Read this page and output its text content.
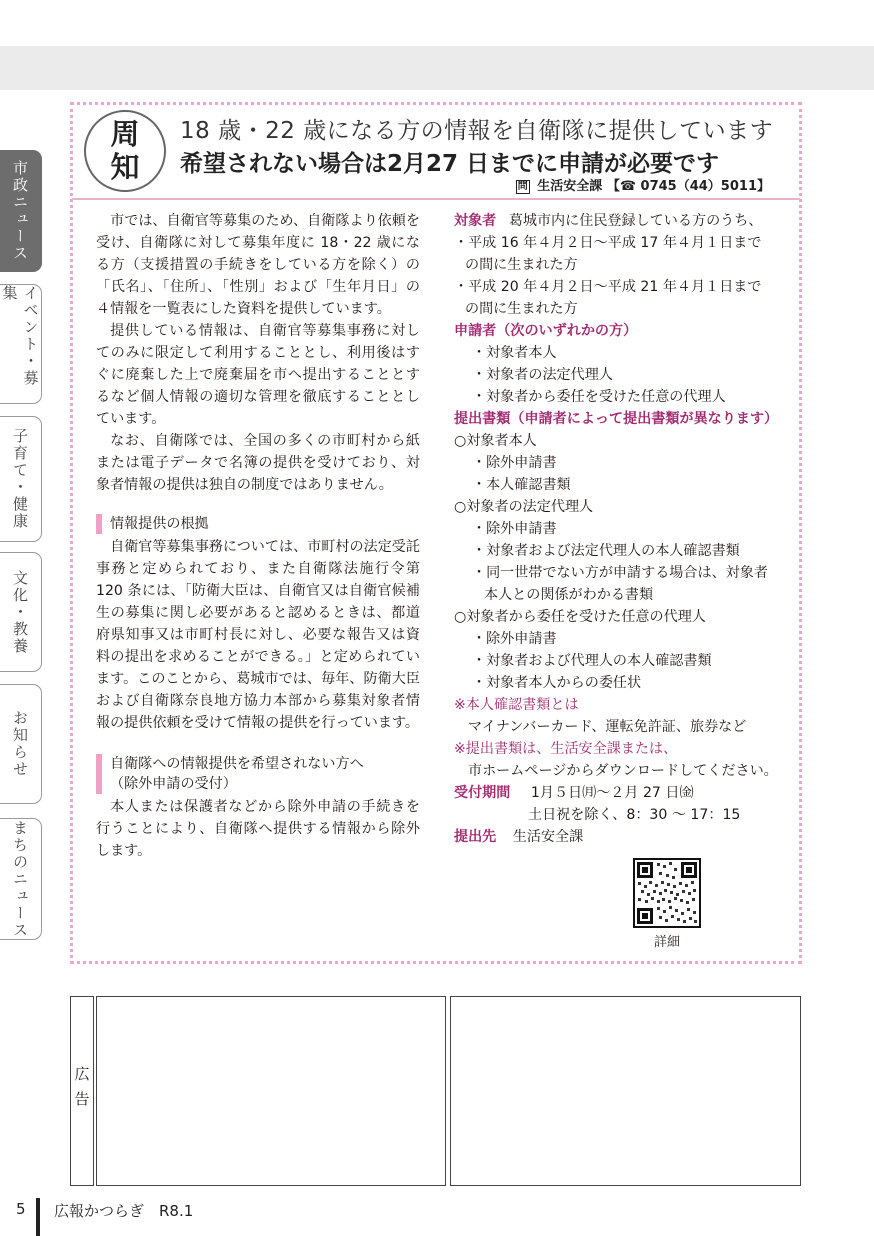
市政ニュース
イベント・募集
子育て・健康
文化・教養
お知らせ
まちのニュース
周
知
18 歳・22 歳になる方の情報を自衛隊に提供しています
希望されない場合は2月27 日までに申請が必要です
問 生活安全課 【☎ 0745（44）5011】

市では、自衛官等募集のため、自衛隊より依頼を受け、自衛隊に対して募集年度に 18・22 歳になる方（支援措置の手続きをしている方を除く）の「氏名」、「住所」、「性別」および「生年月日」の４情報を一覧表にした資料を提供しています。

提供している情報は、自衛官等募集事務に対してのみに限定して利用することとし、利用後はすぐに廃棄した上で廃棄届を市へ提出することとするなど個人情報の適切な管理を徹底することとしています。

なお、自衛隊では、全国の多くの市町村から紙または電子データで名簿の提供を受けており、対象者情報の提供は独自の制度ではありません。

情報提供の根拠

自衛官等募集事務については、市町村の法定受託事務と定められており、また自衛隊法施行令第 120 条には、「防衛大臣は、自衛官又は自衛官候補生の募集に関し必要があると認めるときは、都道府県知事又は市町村長に対し、必要な報告又は資料の提出を求めることができる。」と定められています。このことから、葛城市では、毎年、防衛大臣および自衛隊奈良地方協力本部から募集対象者情報の提供依頼を受けて情報の提供を行っています。

自衛隊への情報提供を希望されない方へ
（除外申請の受付）

本人または保護者などから除外申請の手続きを行うことにより、自衛隊へ提供する情報から除外します。

対象者 葛城市内に住民登録している方のうち、
・平成 16 年４月２日〜平成 17 年４月１日まで
の間に生まれた方
・平成 20 年４月２日〜平成 21 年４月１日まで
の間に生まれた方
申請者（次のいずれかの方）
・対象者本人
・対象者の法定代理人
・対象者から委任を受けた任意の代理人
提出書類（申請者によって提出書類が異なります）
○対象者本人
・除外申請書
・本人確認書類
○対象者の法定代理人
・除外申請書
・対象者および法定代理人の本人確認書類
・同一世帯でない方が申請する場合は、対象者
本人との関係がわかる書類
○対象者から委任を受けた任意の代理人
・除外申請書
・対象者および代理人の本人確認書類
・対象者本人からの委任状
※本人確認書類とは
マイナンバーカード、運転免許証、旅券など
※提出書類は、生活安全課または、
市ホームページからダウンロードしてください。
受付期間 1月５日㈪〜２月 27 日㈮
土日祝を除く、8：30 〜 17：15
提出先 生活安全課
詳細
広告
5 広報かつらぎ　R8.1
